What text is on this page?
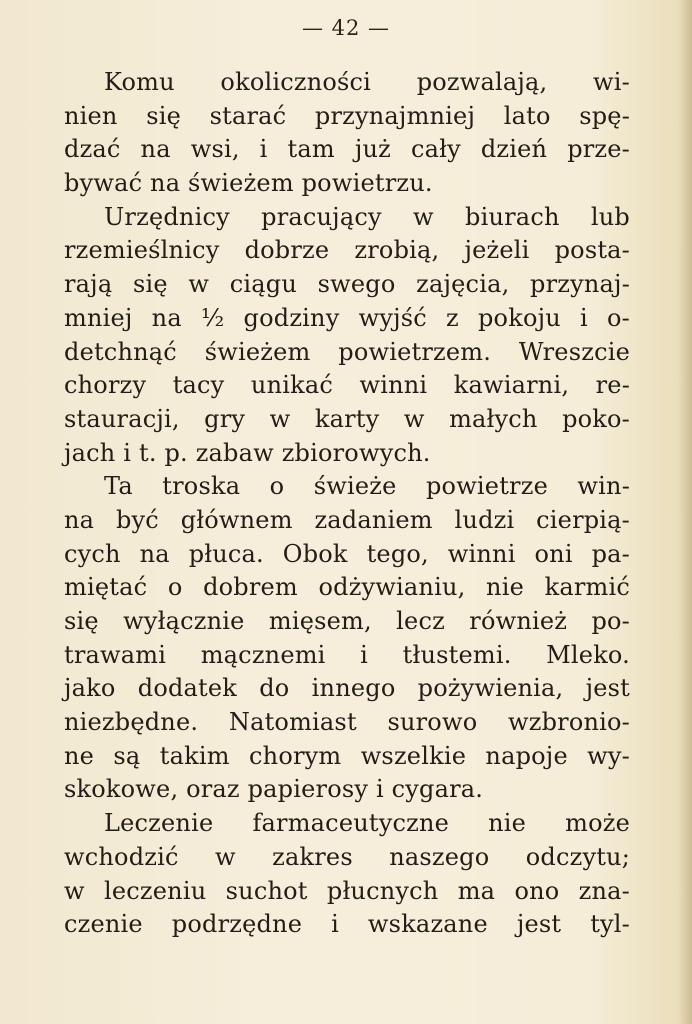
— 42 —
Komu okoliczności pozwalają, wi-
nien się starać przynajmniej lato spę-
dzać na wsi, i tam już cały dzień prze-
bywać na świeżem powietrzu.
Urzędnicy pracujący w biurach lub
rzemieślnicy dobrze zrobią, jeżeli posta-
rają się w ciągu swego zajęcia, przynaj-
mniej na ½ godziny wyjść z pokoju i o-
detchnąć świeżem powietrzem. Wreszcie
chorzy tacy unikać winni kawiarni, re-
stauracji, gry w karty w małych poko-
jach i t. p. zabaw zbiorowych.
Ta troska o świeże powietrze win-
na być głównem zadaniem ludzi cierpią-
cych na płuca. Obok tego, winni oni pa-
miętać o dobrem odżywianiu, nie karmić
się wyłącznie mięsem, lecz również po-
trawami mącznemi i tłustemi. Mleko.
jako dodatek do innego pożywienia, jest
niezbędne. Natomiast surowo wzbronio-
ne są takim chorym wszelkie napoje wy-
skokowe, oraz papierosy i cygara.
Leczenie farmaceutyczne nie może
wchodzić w zakres naszego odczytu;
w leczeniu suchot płucnych ma ono zna-
czenie podrzędne i wskazane jest tyl-
